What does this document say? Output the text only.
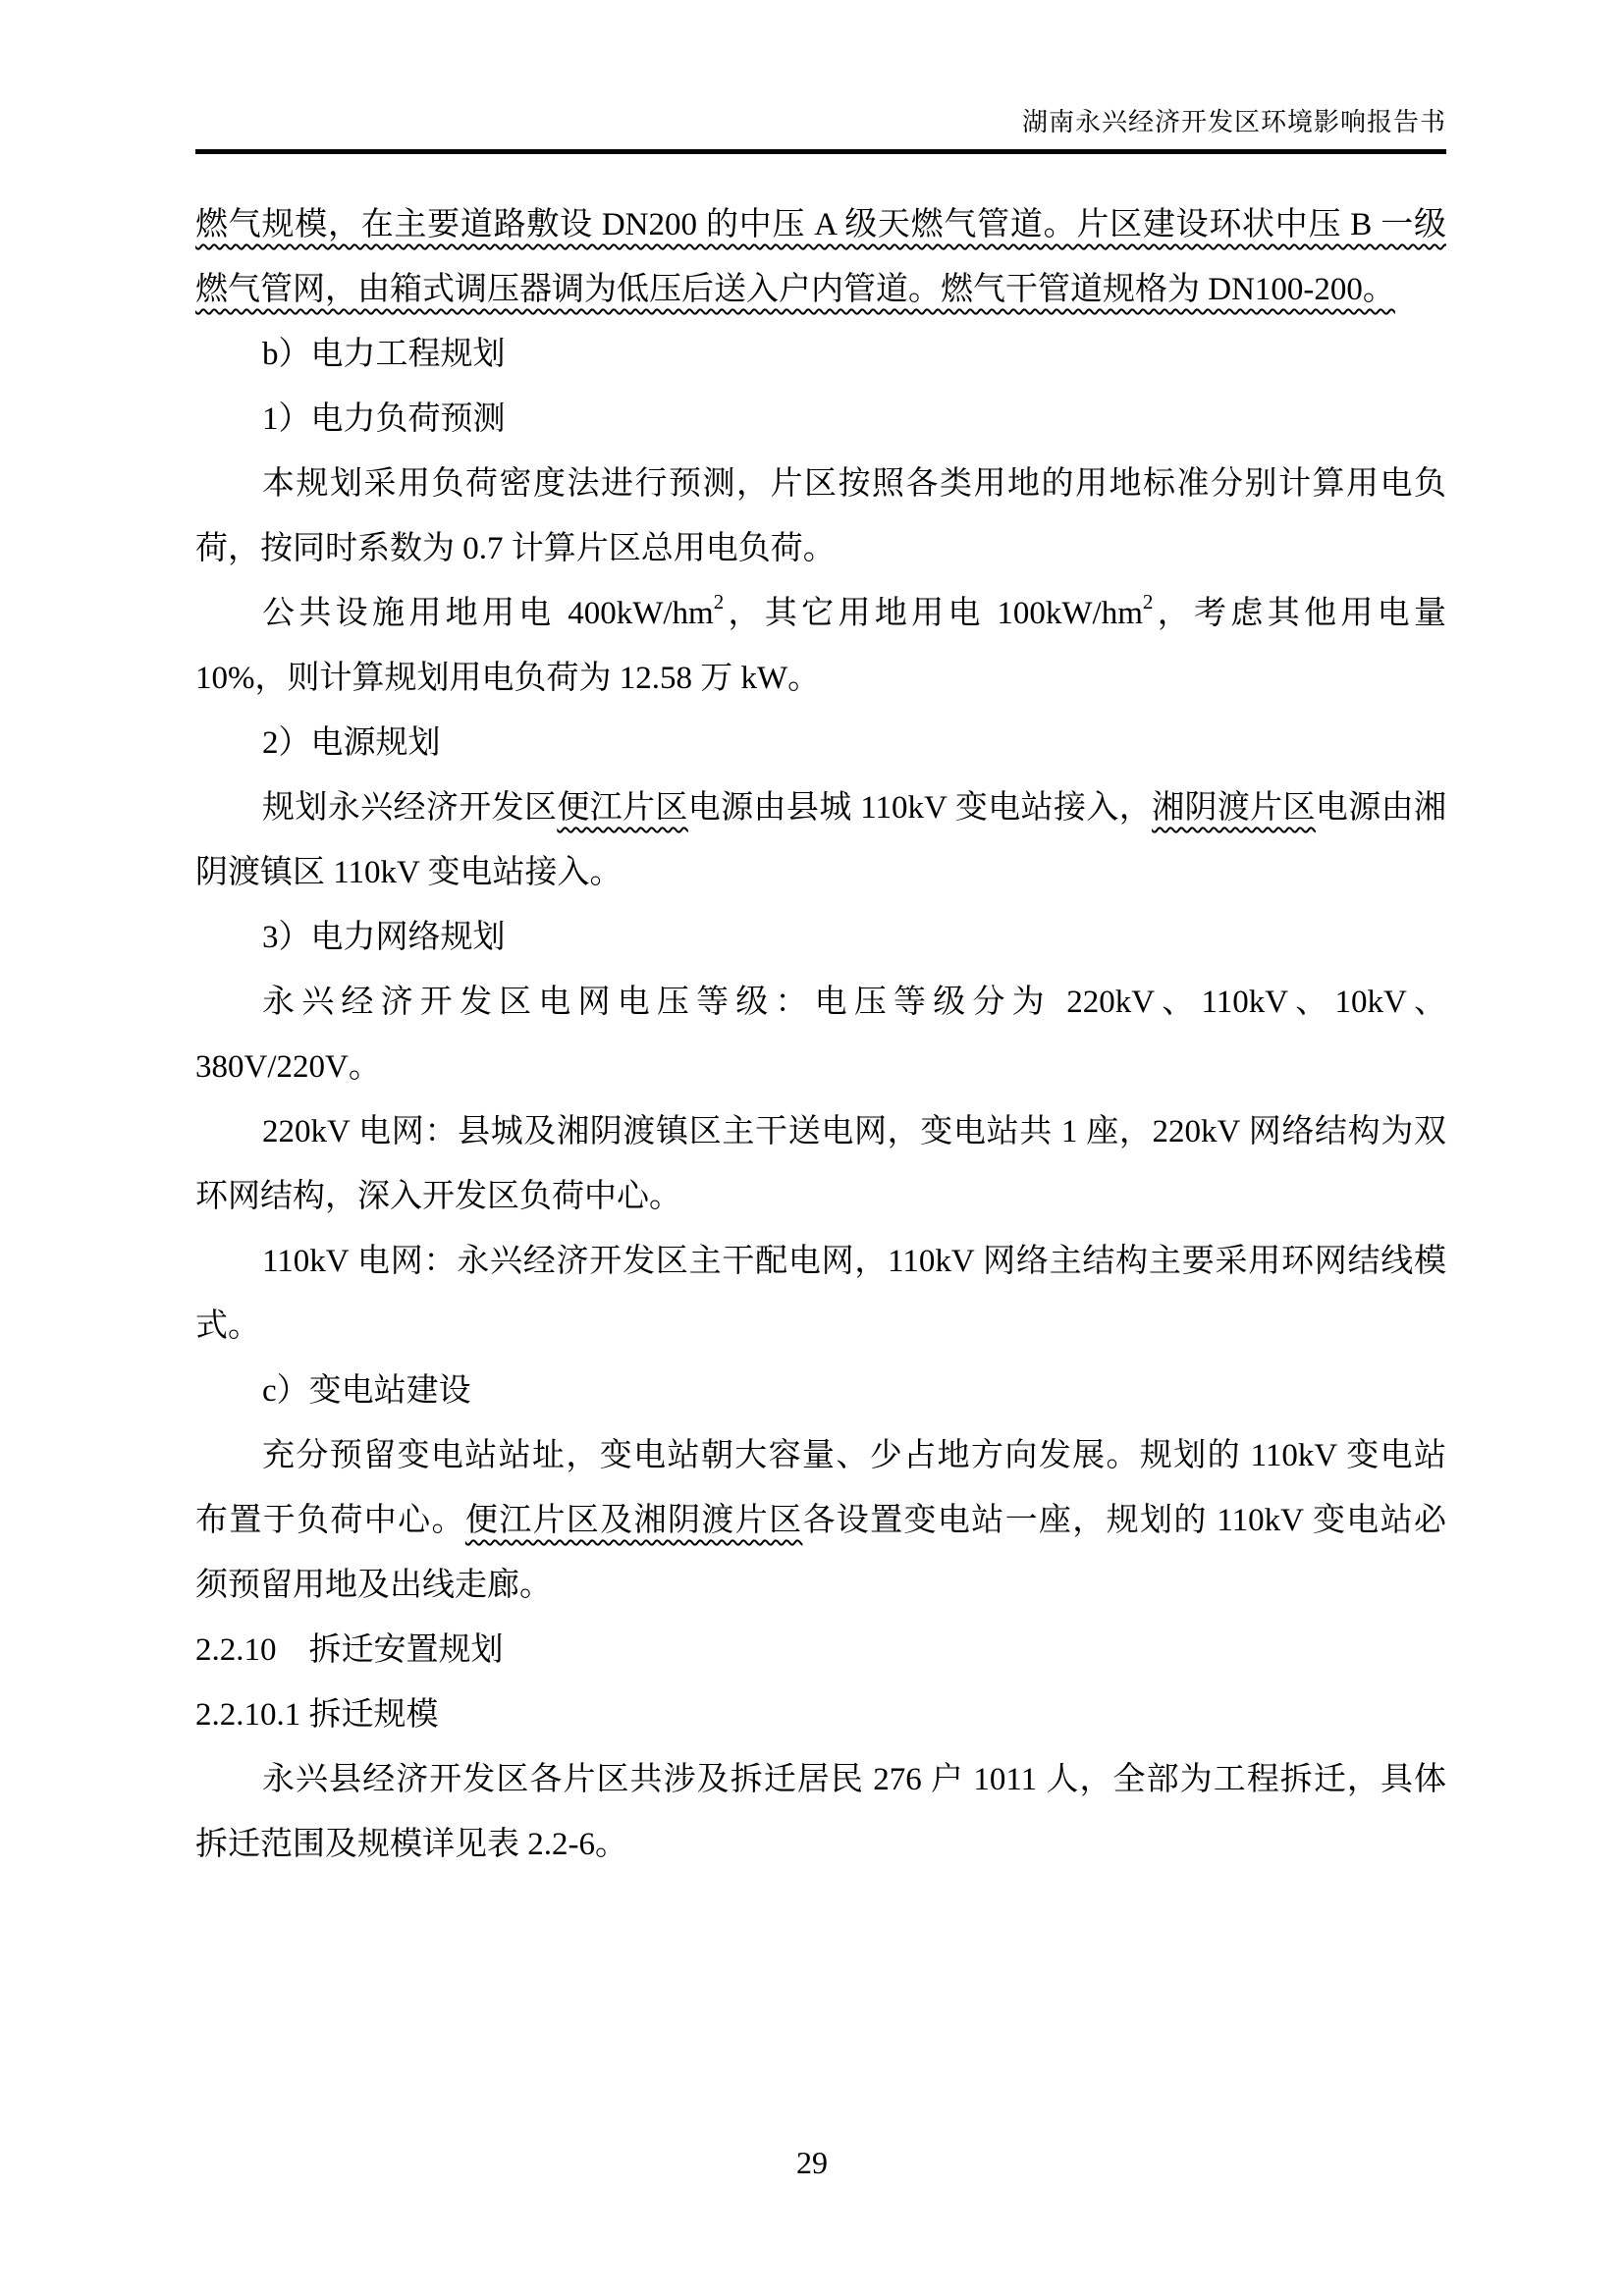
湖南永兴经济开发区环境影响报告书
燃气规模，在主要道路敷设 DN200 的中压 A 级天燃气管道。片区建设环状中压 B 一级
燃气管网，由箱式调压器调为低压后送入户内管道。燃气干管道规格为 DN100-200。
b）电力工程规划
1）电力负荷预测
本规划采用负荷密度法进行预测，片区按照各类用地的用地标准分别计算用电负
荷，按同时系数为 0.7 计算片区总用电负荷。
公共设施用地用电 $400kW/hm^2$，其它用地用电 $100kW/hm^2$，考虑其他用电量
10%，则计算规划用电负荷为 12.58 万 kW。
2）电源规划
规划永兴经济开发区便江片区电源由县城 110kV 变电站接入，湘阴渡片区电源由湘
阴渡镇区 110kV 变电站接入。
3）电力网络规划
永兴经济开发区电网电压等级：电压等级分为 220kV、110kV、10kV、
380V/220V。
220kV 电网：县城及湘阴渡镇区主干送电网，变电站共 1 座，220kV 网络结构为双
环网结构，深入开发区负荷中心。
110kV 电网：永兴经济开发区主干配电网，110kV 网络主结构主要采用环网结线模
式。
c）变电站建设
充分预留变电站站址，变电站朝大容量、少占地方向发展。规划的 110kV 变电站
布置于负荷中心。便江片区及湘阴渡片区各设置变电站一座，规划的 110kV 变电站必
须预留用地及出线走廊。
2.2.10　拆迁安置规划
2.2.10.1 拆迁规模
永兴县经济开发区各片区共涉及拆迁居民 276 户 1011 人，全部为工程拆迁，具体
拆迁范围及规模详见表 2.2-6。
29
